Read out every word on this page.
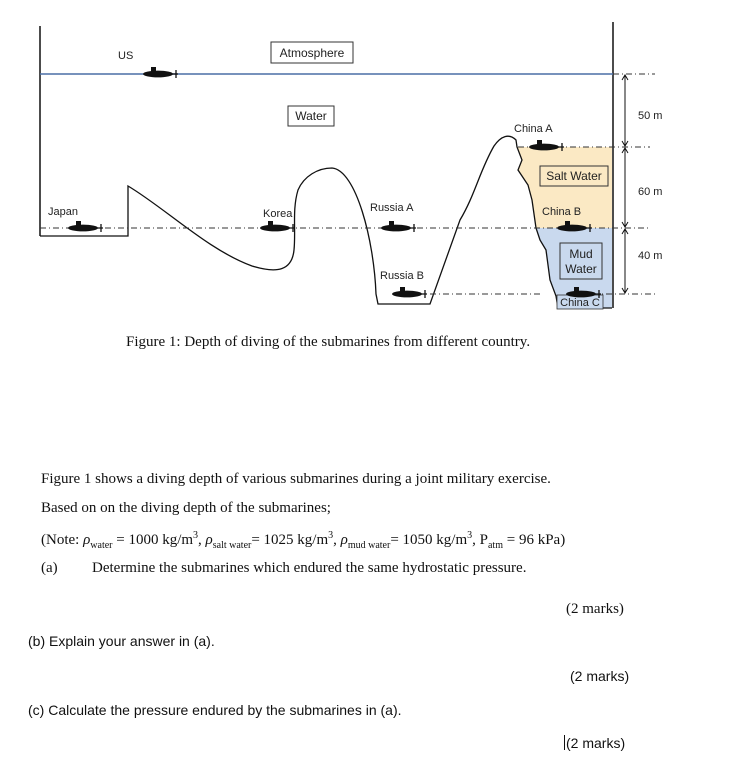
50 m
60 m
40 m
Atmosphere
Water
Salt Water
Mud
Water
US
Japan	Korea	Russia A
Russia B
China A
China B
China C
Figure 1: Depth of diving of the submarines from different country.
Figure 1 shows a diving depth of various submarines during a joint military exercise.
Based on on the diving depth of the submarines;
(Note: $\rho_{water} = 1000$ $kg/m^3$, $\rho_{salt water}= 1025$ $kg/m^3$, $\rho_{mud water}= 1050$ $kg/m^3$, $P_{atm} = 96$ kPa)
(a) Determine the submarines which endured the same hydrostatic pressure.
(2 marks)
(b) Explain your answer in (a).
(2 marks)
(c) Calculate the pressure endured by the submarines in (a).
(2 marks)
